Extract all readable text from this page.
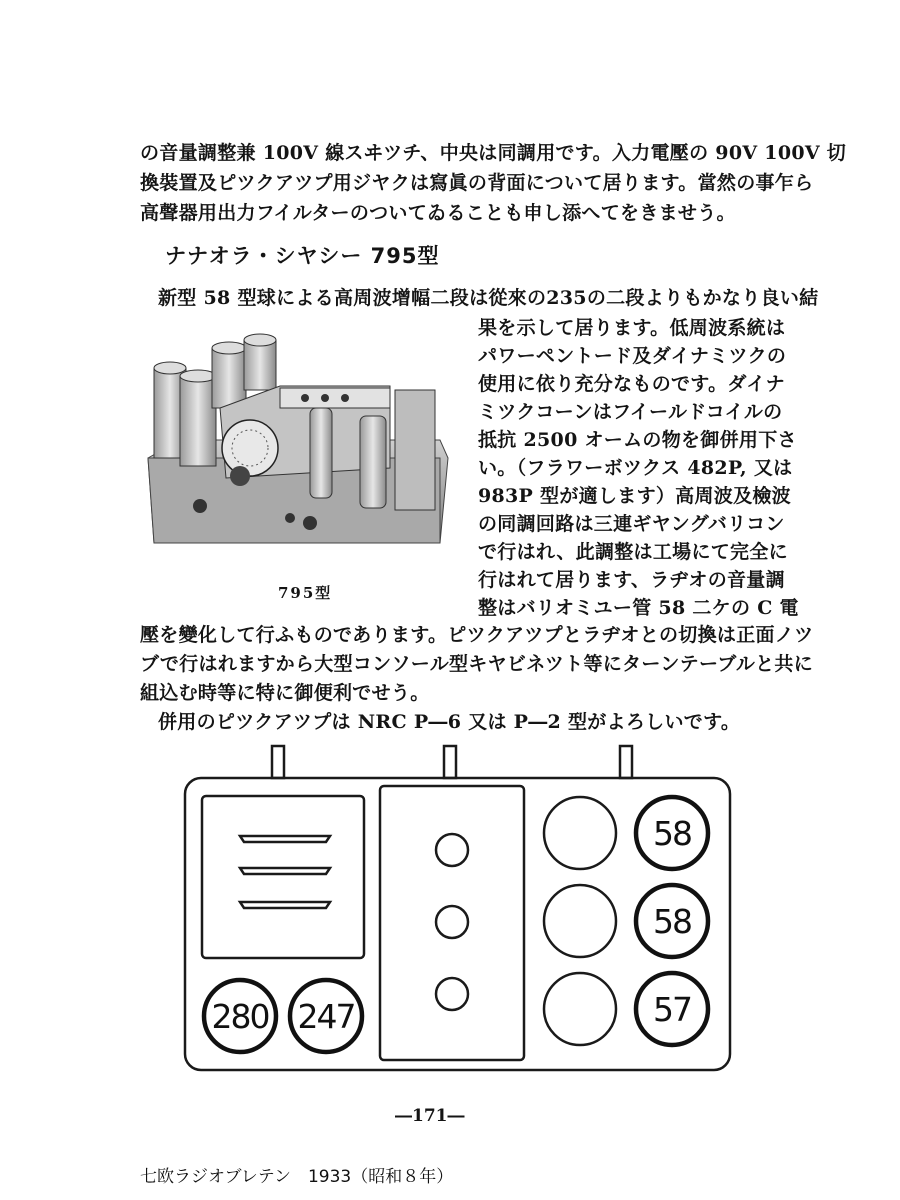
の音量調整兼 100V 線スヰツチ、中央は同調用です。入力電壓の 90V 100V 切
換裝置及ピツクアツプ用ジヤクは寫眞の背面について居ります。當然の事乍ら
高聲器用出力フイルターのついてゐることも申し添へてをきませう。
ナナオラ・シヤシー 795型
新型 58 型球による高周波增幅二段は從來の235の二段よりもかなり良い結
果を示して居ります。低周波系統は
パワーペントード及ダイナミツクの
使用に依り充分なものです。ダイナ
ミツクコーンはフイールドコイルの
抵抗 2500 オームの物を御併用下さ
い。（フラワーボツクス 482P, 又は
983P 型が適します）高周波及檢波
の同調回路は三連ギヤングバリコン
で行はれ、此調整は工場にて完全に
行はれて居ります、ラヂオの音量調
整はバリオミユー管 58 二ケの C 電
795型
壓を變化して行ふものであります。ピツクアツプとラヂオとの切換は正面ノツ
ブで行はれますから大型コンソール型キヤビネツト等にターンテーブルと共に
組込む時等に特に御便利でせう。
併用のピツクアツプは NRC P―6 又は P―2 型がよろしいです。
58
58
57
280 247
―171―
七欧ラジオブレテン　1933（昭和８年）
